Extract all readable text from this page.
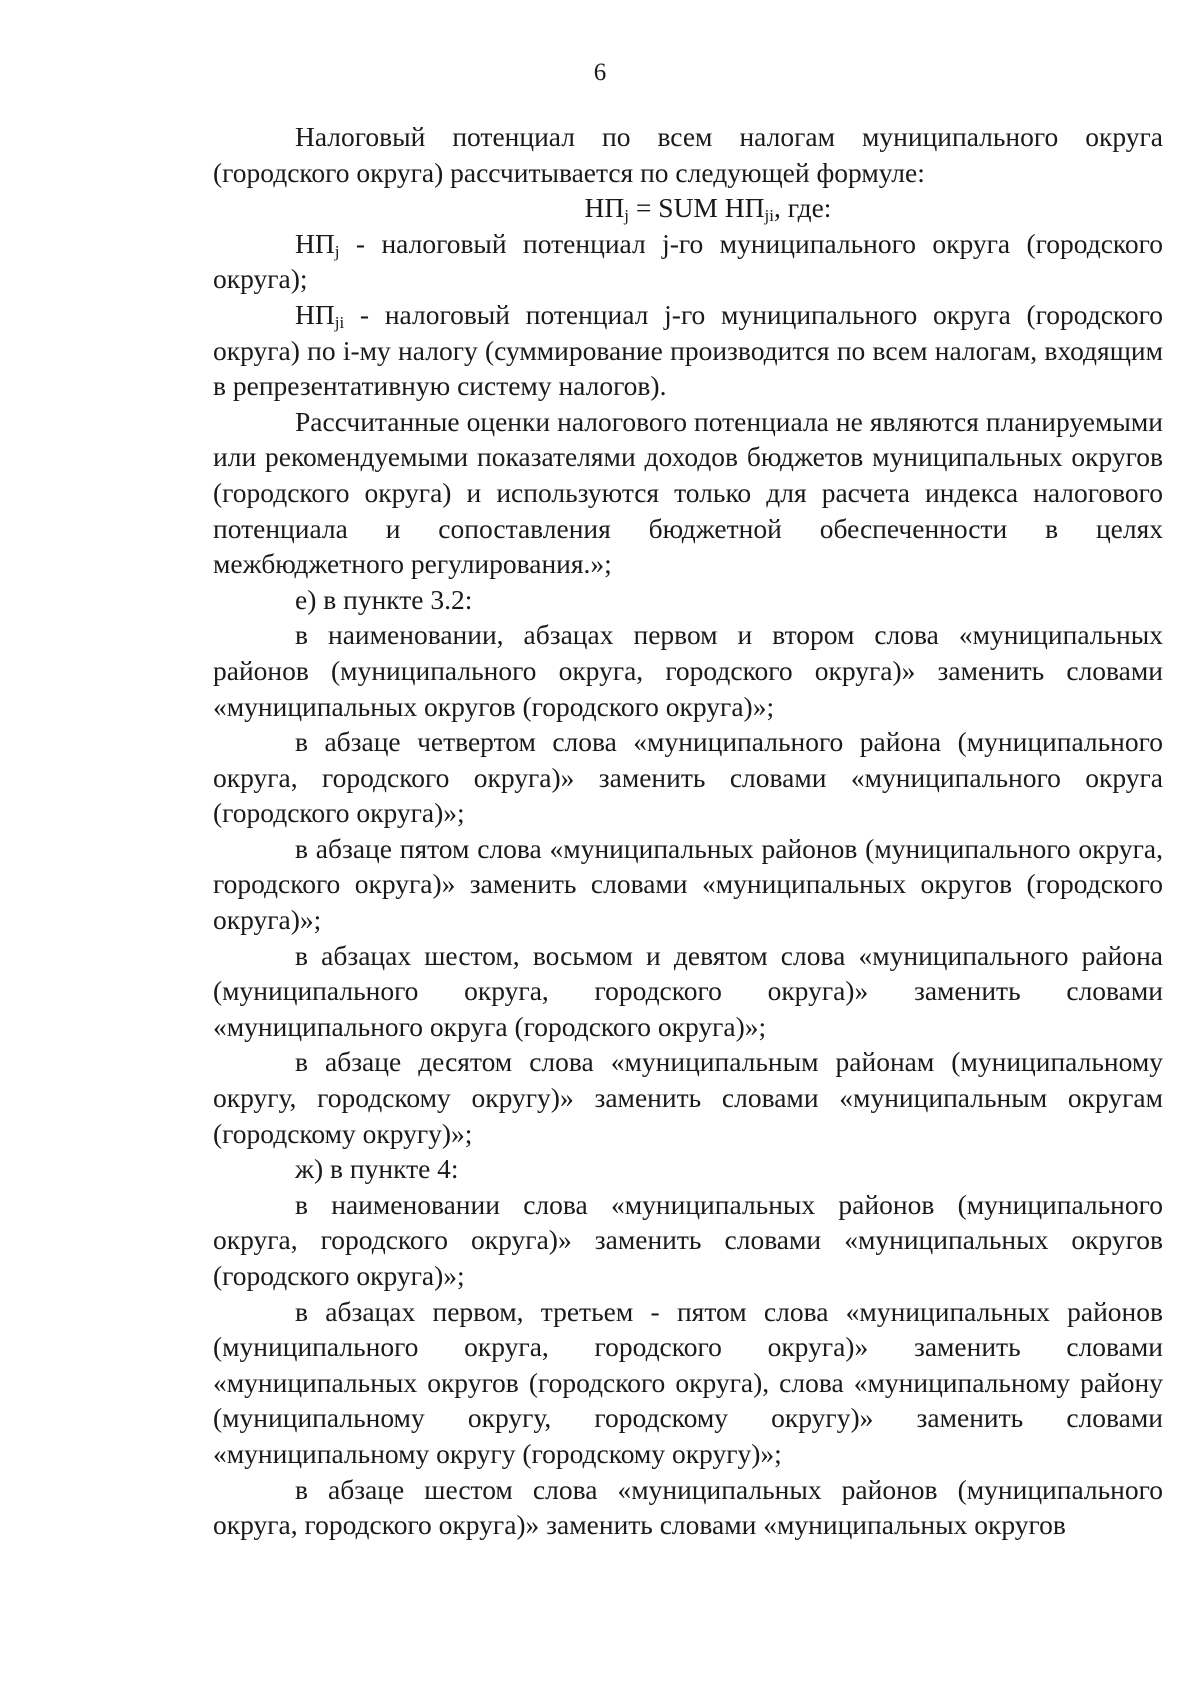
6

Налоговый потенциал по всем налогам муниципального округа (городского округа) рассчитывается по следующей формуле:

$НП_j$ = SUM $НП_{ji}$, где:

$НП_j$ - налоговый потенциал j-го муниципального округа (городского округа);

$НП_{ji}$ - налоговый потенциал j-го муниципального округа (городского округа) по i-му налогу (суммирование производится по всем налогам, входящим в репрезентативную систему налогов).

Рассчитанные оценки налогового потенциала не являются планируемыми или рекомендуемыми показателями доходов бюджетов муниципальных округов (городского округа) и используются только для расчета индекса налогового потенциала и сопоставления бюджетной обеспеченности в целях межбюджетного регулирования.»;

е) в пункте 3.2:

в наименовании, абзацах первом и втором слова «муниципальных районов (муниципального округа, городского округа)» заменить словами «муниципальных округов (городского округа)»;

в абзаце четвертом слова «муниципального района (муниципального округа, городского округа)» заменить словами «муниципального округа (городского округа)»;

в абзаце пятом слова «муниципальных районов (муниципального округа, городского округа)» заменить словами «муниципальных округов (городского округа)»;

в абзацах шестом, восьмом и девятом слова «муниципального района (муниципального округа, городского округа)» заменить словами «муниципального округа (городского округа)»;

в абзаце десятом слова «муниципальным районам (муниципальному округу, городскому округу)» заменить словами «муниципальным округам (городскому округу)»;

ж) в пункте 4:

в наименовании слова «муниципальных районов (муниципального округа, городского округа)» заменить словами «муниципальных округов (городского округа)»;

в абзацах первом, третьем - пятом слова «муниципальных районов (муниципального округа, городского округа)» заменить словами «муниципальных округов (городского округа), слова «муниципальному району (муниципальному округу, городскому округу)» заменить словами «муниципальному округу (городскому округу)»;

в абзаце шестом слова «муниципальных районов (муниципального округа, городского округа)» заменить словами «муниципальных округов
